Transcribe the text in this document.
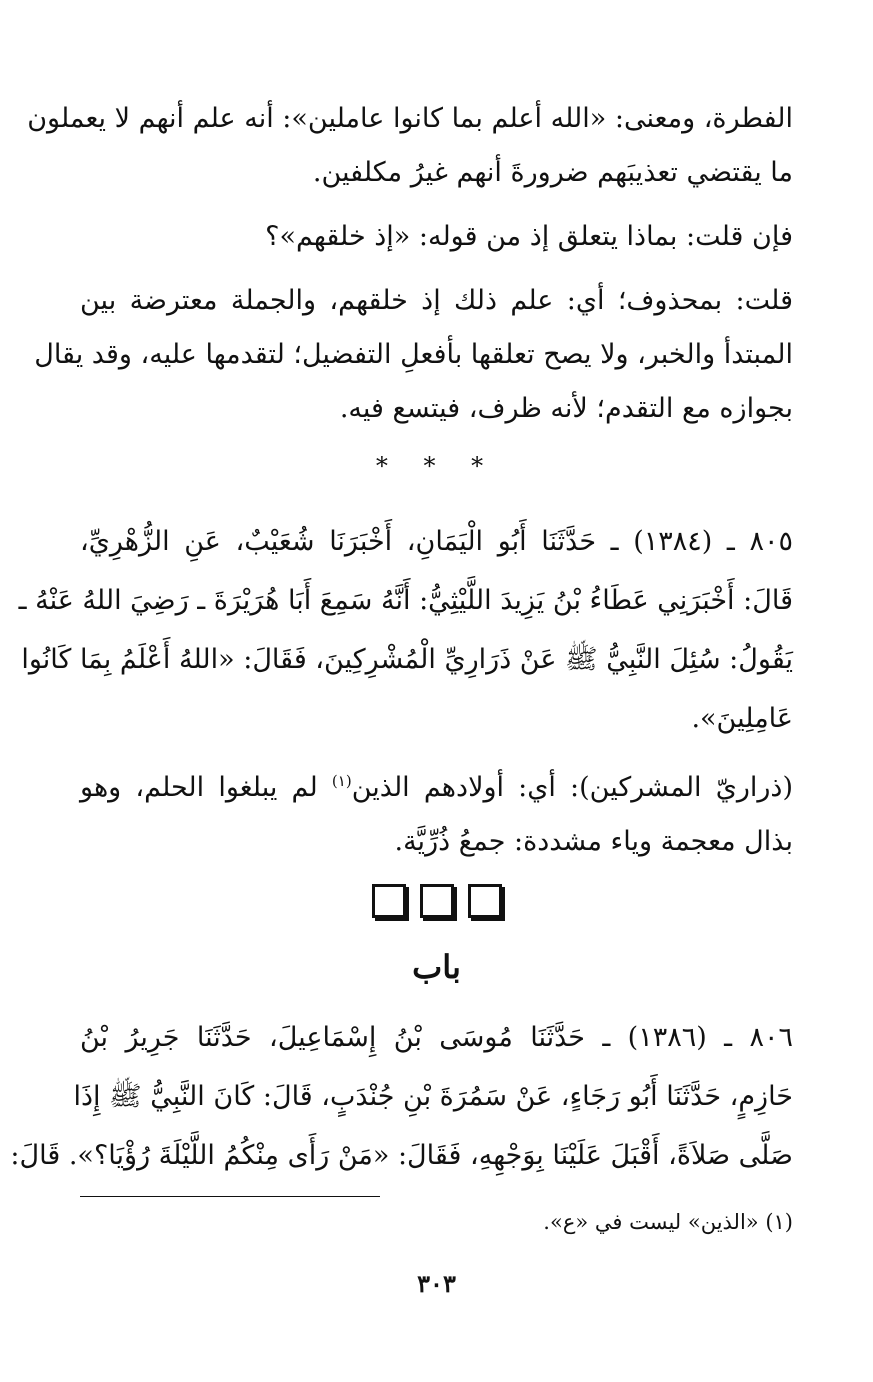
الفطرة، ومعنى: «الله أعلم بما كانوا عاملين»: أنه علم أنهم لا يعملون
ما يقتضي تعذيبَهم ضرورةَ أنهم غيرُ مكلفين.

فإن قلت: بماذا يتعلق إذ من قوله: «إذ خلقهم»؟

قلت: بمحذوف؛ أي: علم ذلك إذ خلقهم، والجملة معترضة بين
المبتدأ والخبر، ولا يصح تعلقها بأفعلِ التفضيل؛ لتقدمها عليه، وقد يقال
بجوازه مع التقدم؛ لأنه ظرف، فيتسع فيه.

* * *

٨٠٥ ـ (١٣٨٤) ـ حَدَّثَنَا أَبُو الْيَمَانِ، أَخْبَرَنَا شُعَيْبٌ، عَنِ الزُّهْرِيِّ،
قَالَ: أَخْبَرَنِي عَطَاءُ بْنُ يَزِيدَ اللَّيْثِيُّ: أَنَّهُ سَمِعَ أَبَا هُرَيْرَةَ ـ رَضِيَ اللهُ عَنْهُ ـ
يَقُولُ: سُئِلَ النَّبِيُّ ﷺ عَنْ ذَرَارِيِّ الْمُشْرِكِينَ، فَقَالَ: «اللهُ أَعْلَمُ بِمَا كَانُوا
عَامِلِينَ».

(ذراريّ المشركين): أي: أولادهم الذين$^{(١)}$ لم يبلغوا الحلم، وهو
بذال معجمة وياء مشددة: جمعُ ذُرِّيَّة.

باب

٨٠٦ ـ (١٣٨٦) ـ حَدَّثَنَا مُوسَى بْنُ إِسْمَاعِيلَ، حَدَّثَنَا جَرِيرُ بْنُ
حَازِمٍ، حَدَّثَنَا أَبُو رَجَاءٍ، عَنْ سَمُرَةَ بْنِ جُنْدَبٍ، قَالَ: كَانَ النَّبِيُّ ﷺ إِذَا
صَلَّى صَلاَةً، أَقْبَلَ عَلَيْنَا بِوَجْهِهِ، فَقَالَ: «مَنْ رَأَى مِنْكُمُ اللَّيْلَةَ رُؤْيَا؟». قَالَ:

(١) «الذين» ليست في «ع».
٣٠٣
